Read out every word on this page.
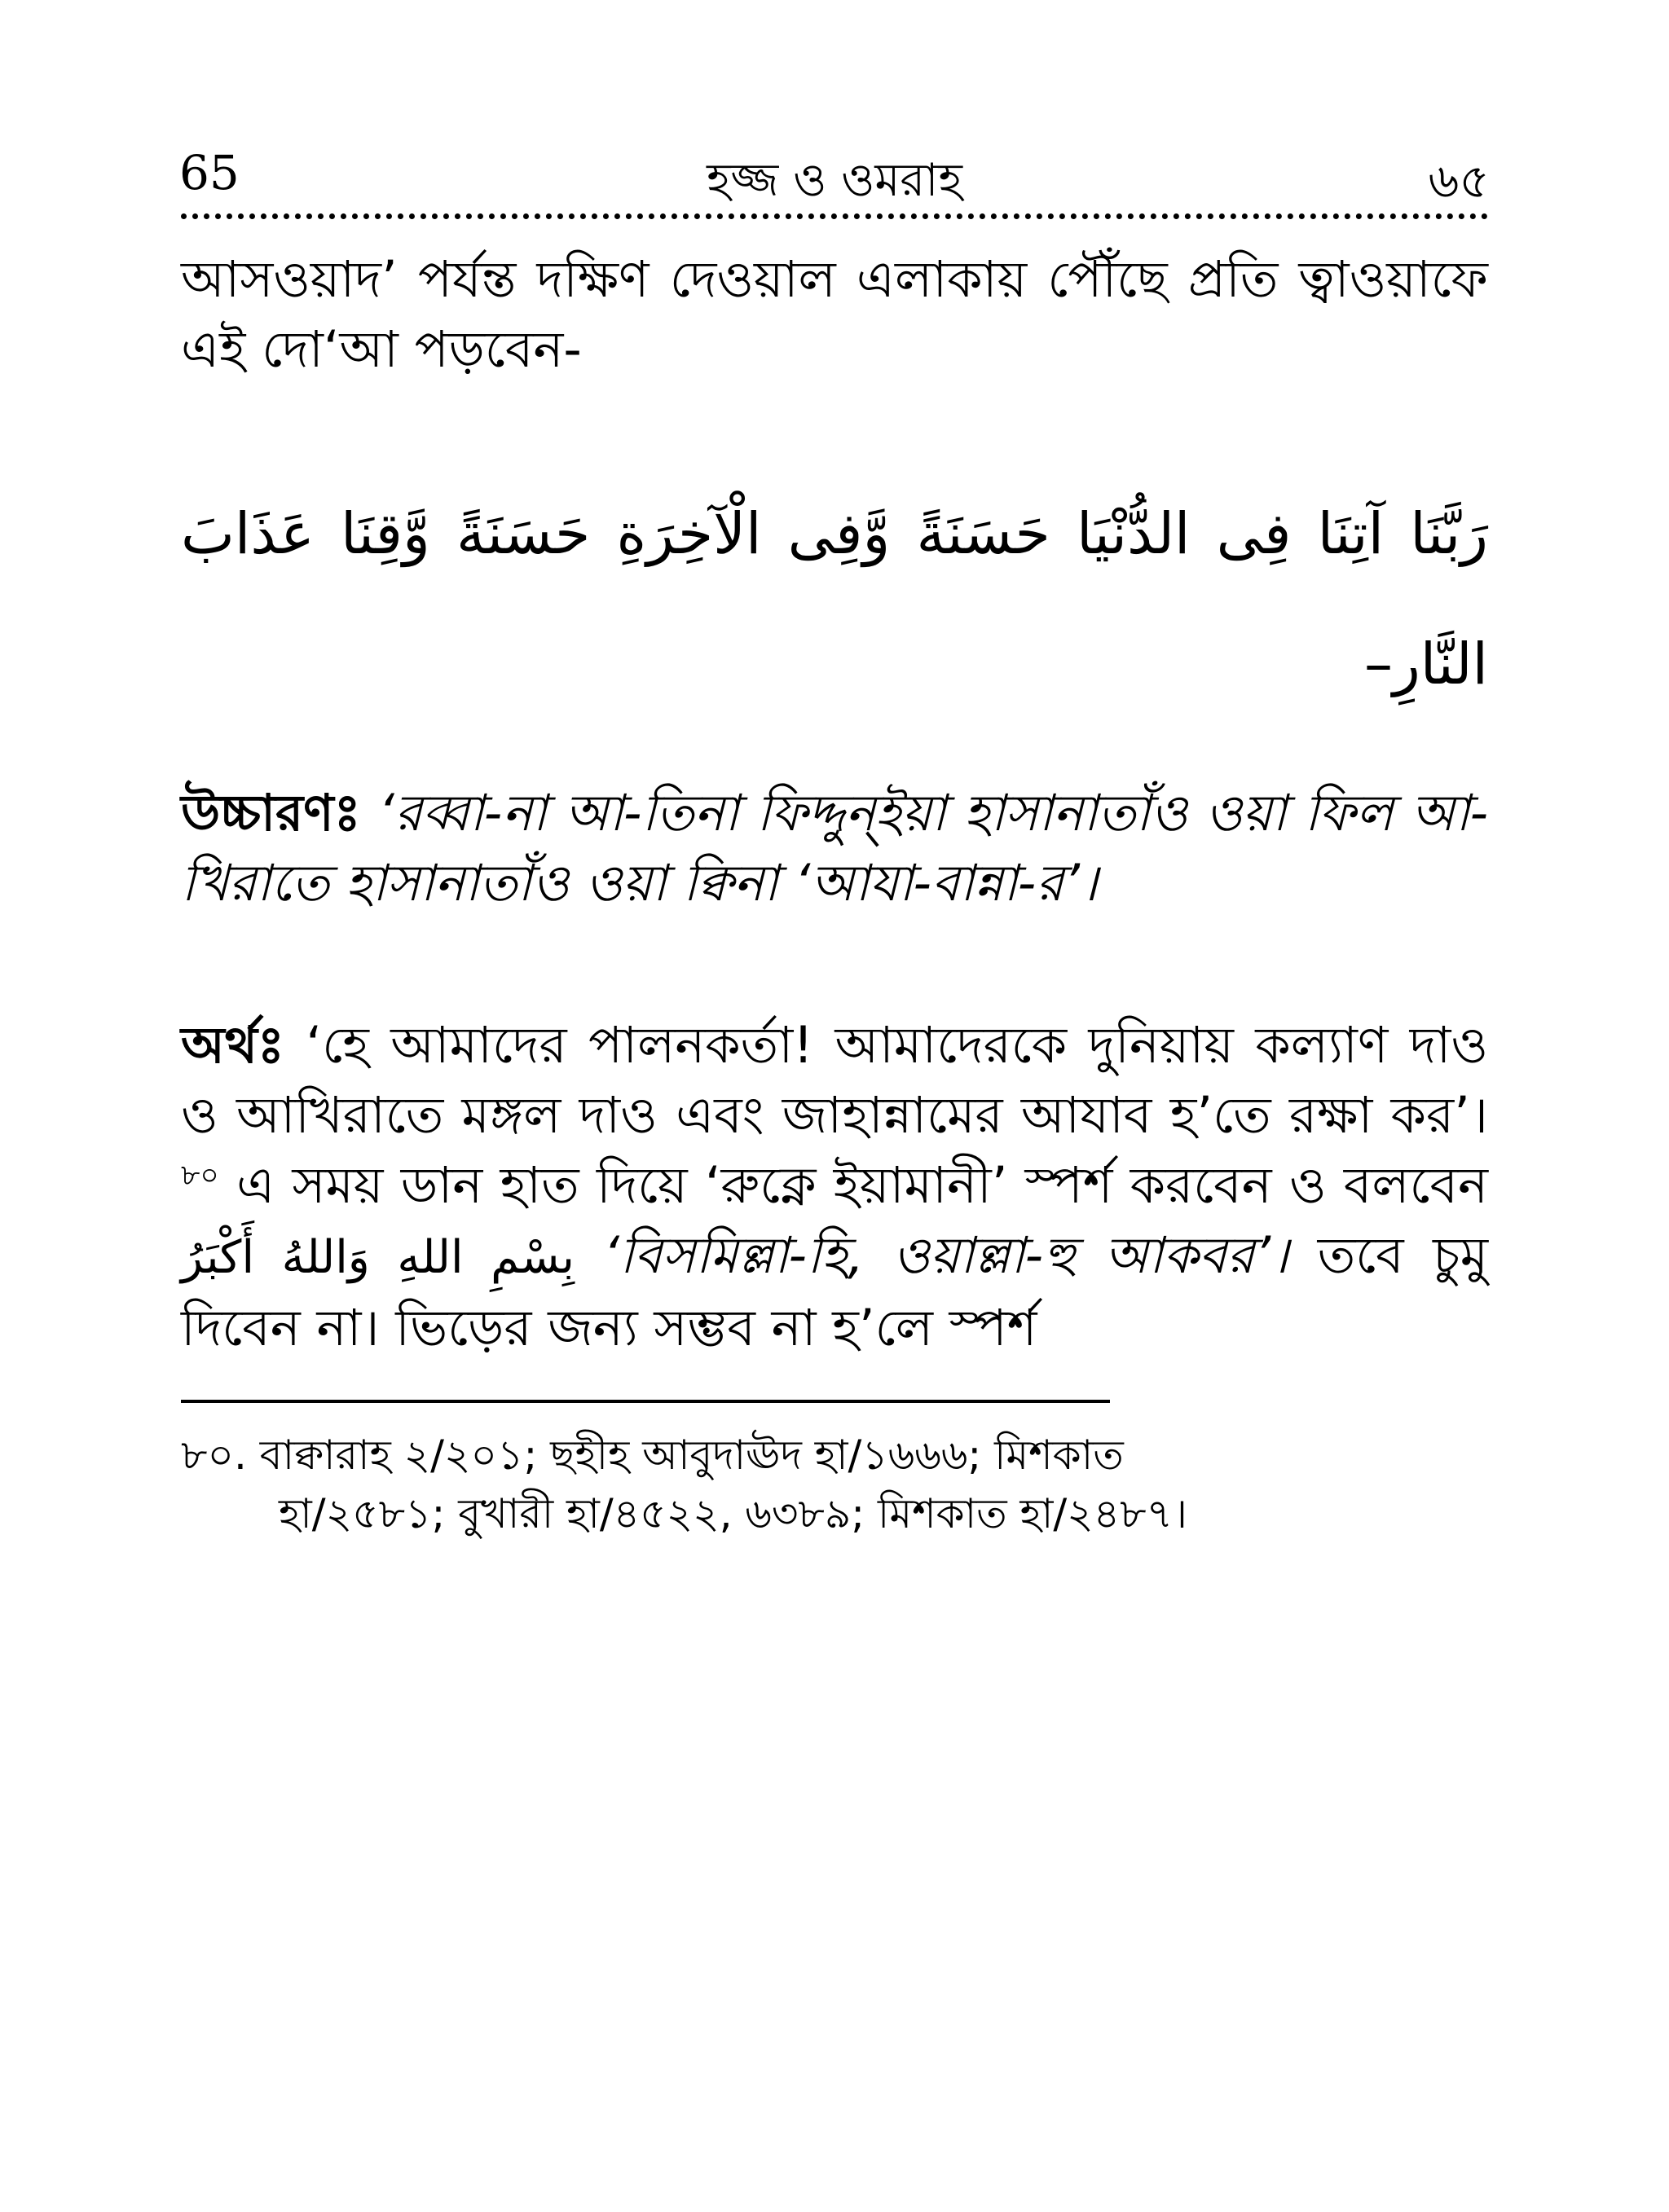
65	হজ্জ ও ওমরাহ	৬৫

আসওয়াদ’ পর্যন্ত দক্ষিণ দেওয়াল এলাকায় পৌঁছে প্রতি ত্বাওয়াফে এই দো‘আ পড়বেন-

رَبَّنَا آتِنَا فِى الدُّنْيَا حَسَنَةً وَّفِى الْآخِرَةِ حَسَنَةً وَّقِنَا عَذَابَ النَّارِ–

উচ্চারণঃ ‘রব্বা-না আ-তিনা ফিদ্দুন্ইয়া হাসানাতাঁও ওয়া ফিল আ-খিরাতে হাসানাতাঁও ওয়া ক্বিনা ‘আযা-বান্না-র’।

অর্থঃ ‘হে আমাদের পালনকর্তা! আমাদেরকে দুনিয়ায় কল্যাণ দাও ও আখিরাতে মঙ্গল দাও এবং জাহান্নামের আযাব হ’তে রক্ষা কর’।$^{৮০}$ এ সময় ডান হাত দিয়ে ‘রুক্নে ইয়ামানী’ স্পর্শ করবেন ও বলবেন بِسْمِ اللهِ وَاللهُ أَكْبَرُ ‘বিসমিল্লা-হি, ওয়াল্লা-হু আকবর’। তবে চুমু দিবেন না। ভিড়ের জন্য সম্ভব না হ’লে স্পর্শ

৮০. বাক্বারাহ ২/২০১; ছহীহ আবুদাঊদ হা/১৬৬৬; মিশকাত
হা/২৫৮১; বুখারী হা/৪৫২২, ৬৩৮৯; মিশকাত হা/২৪৮৭।
